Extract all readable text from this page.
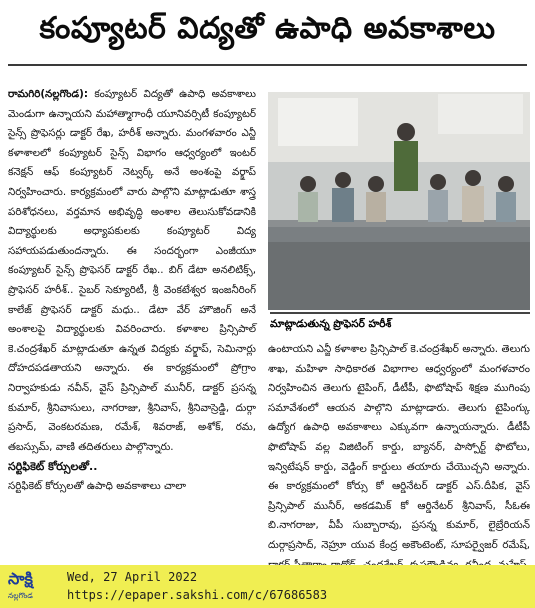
కంప్యూటర్ విద్యతో ఉపాధి అవకాశాలు

రామగిరి(నల్లగొండ): కంప్యూటర్ విద్యతో ఉపాధి అవకాశాలు మెండుగా ఉన్నాయని మహాత్మాగాంధీ యూనివర్సిటీ కంప్యూటర్ సైన్స్ ప్రొఫెసర్లు డాక్టర్ రేఖ, హరీశ్ అన్నారు. మంగళవారం ఎన్జీ కళాశాలలో కంప్యూటర్ సైన్స్ విభాగం ఆధ్వర్యంలో ఇంటర్ కనెక్షన్ ఆఫ్ కంప్యూటర్ నెట్వర్క్ అనే అంశంపై వర్క్షాప్ నిర్వహించారు. కార్యక్రమంలో వారు పాల్గొని మాట్లాడుతూ శాస్త్ర పరిశోధనలు, వర్తమాన అభివృద్ధి అంశాల తెలుసుకోవడానికి విద్యార్థులకు అధ్యాపకులకు కంప్యూటర్ విద్య సహాయపడుతుందన్నారు. ఈ సందర్భంగా ఎంజీయూ కంప్యూటర్ సైన్స్ ప్రొఫెసర్ డాక్టర్ రేఖ.. బిగ్ డేటా అనలిటిక్స్, ప్రొఫెసర్ హరీశ్.. సైబర్ సెక్యూరిటీ, శ్రీ వెంకటేశ్వర ఇంజనీరింగ్ కాలేజ్ ప్రొఫెసర్ డాక్టర్ మధు.. డేటా వేర్ హౌజింగ్ అనే అంశాలపై విద్యార్థులకు వివరించారు. కళాశాల ప్రిన్సిపాల్ కె.చంద్రశేఖర్ మాట్లాడుతూ ఉన్నత విద్యకు వర్క్షాప్, సెమినార్లు దోహదపడతాయని అన్నారు. ఈ కార్యక్రమంలో ప్రోగ్రాం నిర్వాహకుడు నవీన్, వైస్ ప్రిన్సిపాల్ మునీర్, డాక్టర్ ప్రసన్న కుమార్, శ్రీనివాసులు, నాగరాజు, శ్రీనివాస్, శ్రీనివాస్రెడ్డి, దుర్గా ప్రసాద్, వెంకటరమణ, రమేశ్, శివరాజ్, అశోక్, రమ, తబస్సుమ్, వాణి తదితరులు పాల్గొన్నారు.

సర్టిఫికెట్ కోర్సులతో..

సర్టిఫికెట్ కోర్సులతో ఉపాధి అవకాశాలు చాలా

మాట్లాడుతున్న ప్రొఫెసర్ హరీశ్

ఉంటాయని ఎన్జీ కళాశాల ప్రిన్సిపాల్ కె.చంద్రశేఖర్ అన్నారు. తెలుగు శాఖ, మహిళా సాధికారత విభాగాల ఆధ్వర్యంలో మంగళవారం నిర్వహించిన తెలుగు టైపింగ్, డీటీపీ, ఫొటోషాప్ శిక్షణ ముగింపు సమావేశంలో ఆయన పాల్గొని మాట్లాడారు. తెలుగు టైపింగ్కు ఉద్యోగ ఉపాధి అవకాశాలు ఎక్కువగా ఉన్నాయన్నారు. డీటీపీ ఫొటోషాప్ వల్ల విజిటింగ్ కార్డు, బ్యానర్, పాస్పోర్ట్ ఫొటోలు, ఇన్విటేషన్ కార్డు, వెడ్డింగ్ కార్డులు తయారు చేయొచ్చని అన్నారు. ఈ కార్యక్రమంలో కోర్సు కో ఆర్డినేటర్ డాక్టర్ ఎస్.దీపిక, వైస్ ప్రిన్సిపాల్ మునీర్, అకడమిక్ కో ఆర్డినేటర్ శ్రీనివాస్, సీఓఈ బి.నాగరాజు, వీపీ సుబ్బారావు, ప్రసన్న కుమార్, లైబ్రేరియన్ దుర్గాప్రసాద్, నెహ్రూ యువ కేంద్ర అకౌంటెంట్, సూపర్వైజర్ రమేష్,

సాక్షి
నల్లగొండ
Wed, 27 April 2022
https://epaper.sakshi.com/c/67686583
